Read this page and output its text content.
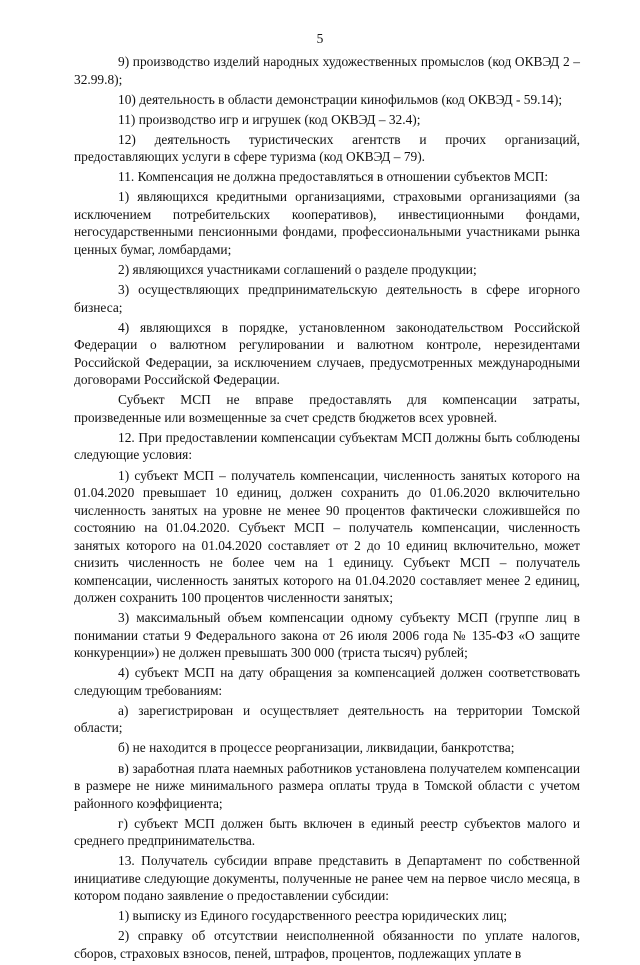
5

9) производство изделий народных художественных промыслов (код ОКВЭД 2 – 32.99.8);

10) деятельность в области демонстрации кинофильмов (код ОКВЭД - 59.14);

11) производство игр и игрушек (код ОКВЭД – 32.4);

12) деятельность туристических агентств и прочих организаций, предоставляющих услуги в сфере туризма (код ОКВЭД – 79).

11. Компенсация не должна предоставляться в отношении субъектов МСП:

1) являющихся кредитными организациями, страховыми организациями (за исключением потребительских кооперативов), инвестиционными фондами, негосударственными пенсионными фондами, профессиональными участниками рынка ценных бумаг, ломбардами;

2) являющихся участниками соглашений о разделе продукции;

3) осуществляющих предпринимательскую деятельность в сфере игорного бизнеса;

4) являющихся в порядке, установленном законодательством Российской Федерации о валютном регулировании и валютном контроле, нерезидентами Российской Федерации, за исключением случаев, предусмотренных международными договорами Российской Федерации.

Субъект МСП не вправе предоставлять для компенсации затраты, произведенные или возмещенные за счет средств бюджетов всех уровней.

12. При предоставлении компенсации субъектам МСП должны быть соблюдены следующие условия:

1) субъект МСП – получатель компенсации, численность занятых которого на 01.04.2020 превышает 10 единиц, должен сохранить до 01.06.2020 включительно численность занятых на уровне не менее 90 процентов фактически сложившейся по состоянию на 01.04.2020. Субъект МСП – получатель компенсации, численность занятых которого на 01.04.2020 составляет от 2 до 10 единиц включительно, может снизить численность не более чем на 1 единицу. Субъект МСП – получатель компенсации, численность занятых которого на 01.04.2020 составляет менее 2 единиц, должен сохранить 100 процентов численности занятых;

3) максимальный объем компенсации одному субъекту МСП (группе лиц в понимании статьи 9 Федерального закона от 26 июля 2006 года № 135-ФЗ «О защите конкуренции») не должен превышать 300 000 (триста тысяч) рублей;

4) субъект МСП на дату обращения за компенсацией должен соответствовать следующим требованиям:

а) зарегистрирован и осуществляет деятельность на территории Томской области;

б) не находится в процессе реорганизации, ликвидации, банкротства;

в) заработная плата наемных работников установлена получателем компенсации в размере не ниже минимального размера оплаты труда в Томской области с учетом районного коэффициента;

г) субъект МСП должен быть включен в единый реестр субъектов малого и среднего предпринимательства.

13. Получатель субсидии вправе представить в Департамент по собственной инициативе следующие документы, полученные не ранее чем на первое число месяца, в котором подано заявление о предоставлении субсидии:

1) выписку из Единого государственного реестра юридических лиц;

2) справку об отсутствии неисполненной обязанности по уплате налогов, сборов, страховых взносов, пеней, штрафов, процентов, подлежащих уплате в
